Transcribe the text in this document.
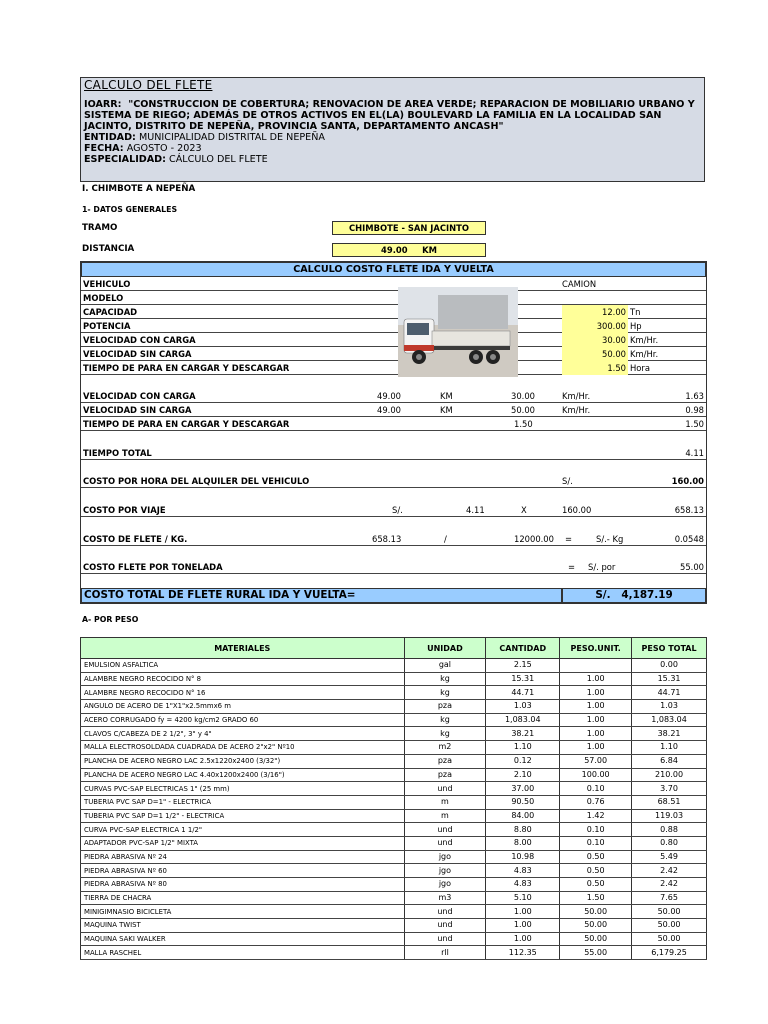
CALCULO DEL FLETE
IOARR: "CONSTRUCCION DE COBERTURA; RENOVACION DE AREA VERDE; REPARACION DE MOBILIARIO URBANO Y SISTEMA DE RIEGO; ADEMÁS DE OTROS ACTIVOS EN EL(LA) BOULEVARD LA FAMILIA EN LA LOCALIDAD SAN JACINTO, DISTRITO DE NEPEÑA, PROVINCIA SANTA, DEPARTAMENTO ANCASH"
ENTIDAD: MUNICIPALIDAD DISTRITAL DE NEPEÑA
FECHA: AGOSTO - 2023
ESPECIALIDAD: CÁLCULO DEL FLETE
I. CHIMBOTE A NEPEÑA
1- DATOS GENERALES
TRAMO	CHIMBOTE - SAN JACINTO
DISTANCIA	49.00     KM
CALCULO COSTO FLETE IDA Y VUELTA
VEHICULO	CAMION
MODELO
CAPACIDAD	12.00 Tn
POTENCIA	300.00 Hp
VELOCIDAD CON CARGA	30.00 Km/Hr.
VELOCIDAD SIN CARGA	50.00 Km/Hr.
TIEMPO DE PARA EN CARGAR Y DESCARGAR	1.50 Hora
VELOCIDAD CON CARGA	49.00	KM	30.00	Km/Hr.	1.63
VELOCIDAD SIN CARGA	49.00	KM	50.00	Km/Hr.	0.98
TIEMPO DE PARA EN CARGAR Y DESCARGAR	1.50	1.50
TIEMPO TOTAL	4.11
COSTO POR HORA DEL ALQUILER DEL VEHICULO	S/.	160.00
COSTO POR VIAJE	S/.	4.11	X	160.00	658.13
COSTO DE FLETE / KG.	658.13	/	12000.00 =	S/.- Kg	0.0548
COSTO FLETE POR TONELADA	= S/. por	55.00
COSTO TOTAL DE FLETE RURAL IDA Y VUELTA=	S/. 4,187.19
A- POR PESO
MATERIALES	UNIDAD	CANTIDAD	PESO.UNIT.	PESO TOTAL
EMULSION ASFALTICA	gal	2.15		0.00
ALAMBRE NEGRO RECOCIDO N° 8	kg	15.31	1.00	15.31
ALAMBRE NEGRO RECOCIDO N° 16	kg	44.71	1.00	44.71
ANGULO DE ACERO DE 1"X1"x2.5mmx6 m	pza	1.03	1.00	1.03
ACERO CORRUGADO fy = 4200 kg/cm2 GRADO 60	kg	1,083.04	1.00	1,083.04
CLAVOS C/CABEZA DE 2 1/2", 3" y 4"	kg	38.21	1.00	38.21
MALLA ELECTROSOLDADA CUADRADA DE ACERO 2"x2" Nº10	m2	1.10	1.00	1.10
PLANCHA DE ACERO NEGRO LAC 2.5x1220x2400 (3/32")	pza	0.12	57.00	6.84
PLANCHA DE ACERO NEGRO LAC 4.40x1200x2400 (3/16")	pza	2.10	100.00	210.00
CURVAS PVC-SAP ELECTRICAS 1" (25 mm)	und	37.00	0.10	3.70
TUBERIA PVC SAP D=1" - ELECTRICA	m	90.50	0.76	68.51
TUBERIA PVC SAP D=1 1/2" - ELECTRICA	m	84.00	1.42	119.03
CURVA PVC-SAP ELECTRICA 1 1/2"	und	8.80	0.10	0.88
ADAPTADOR PVC-SAP 1/2" MIXTA	und	8.00	0.10	0.80
PIEDRA ABRASIVA Nº 24	jgo	10.98	0.50	5.49
PIEDRA ABRASIVA Nº 60	jgo	4.83	0.50	2.42
PIEDRA ABRASIVA Nº 80	jgo	4.83	0.50	2.42
TIERRA DE CHACRA	m3	5.10	1.50	7.65
MINIGIMNASIO BICICLETA	und	1.00	50.00	50.00
MAQUINA TWIST	und	1.00	50.00	50.00
MAQUINA SAKI WALKER	und	1.00	50.00	50.00
MALLA RASCHEL	rll	112.35	55.00	6,179.25
